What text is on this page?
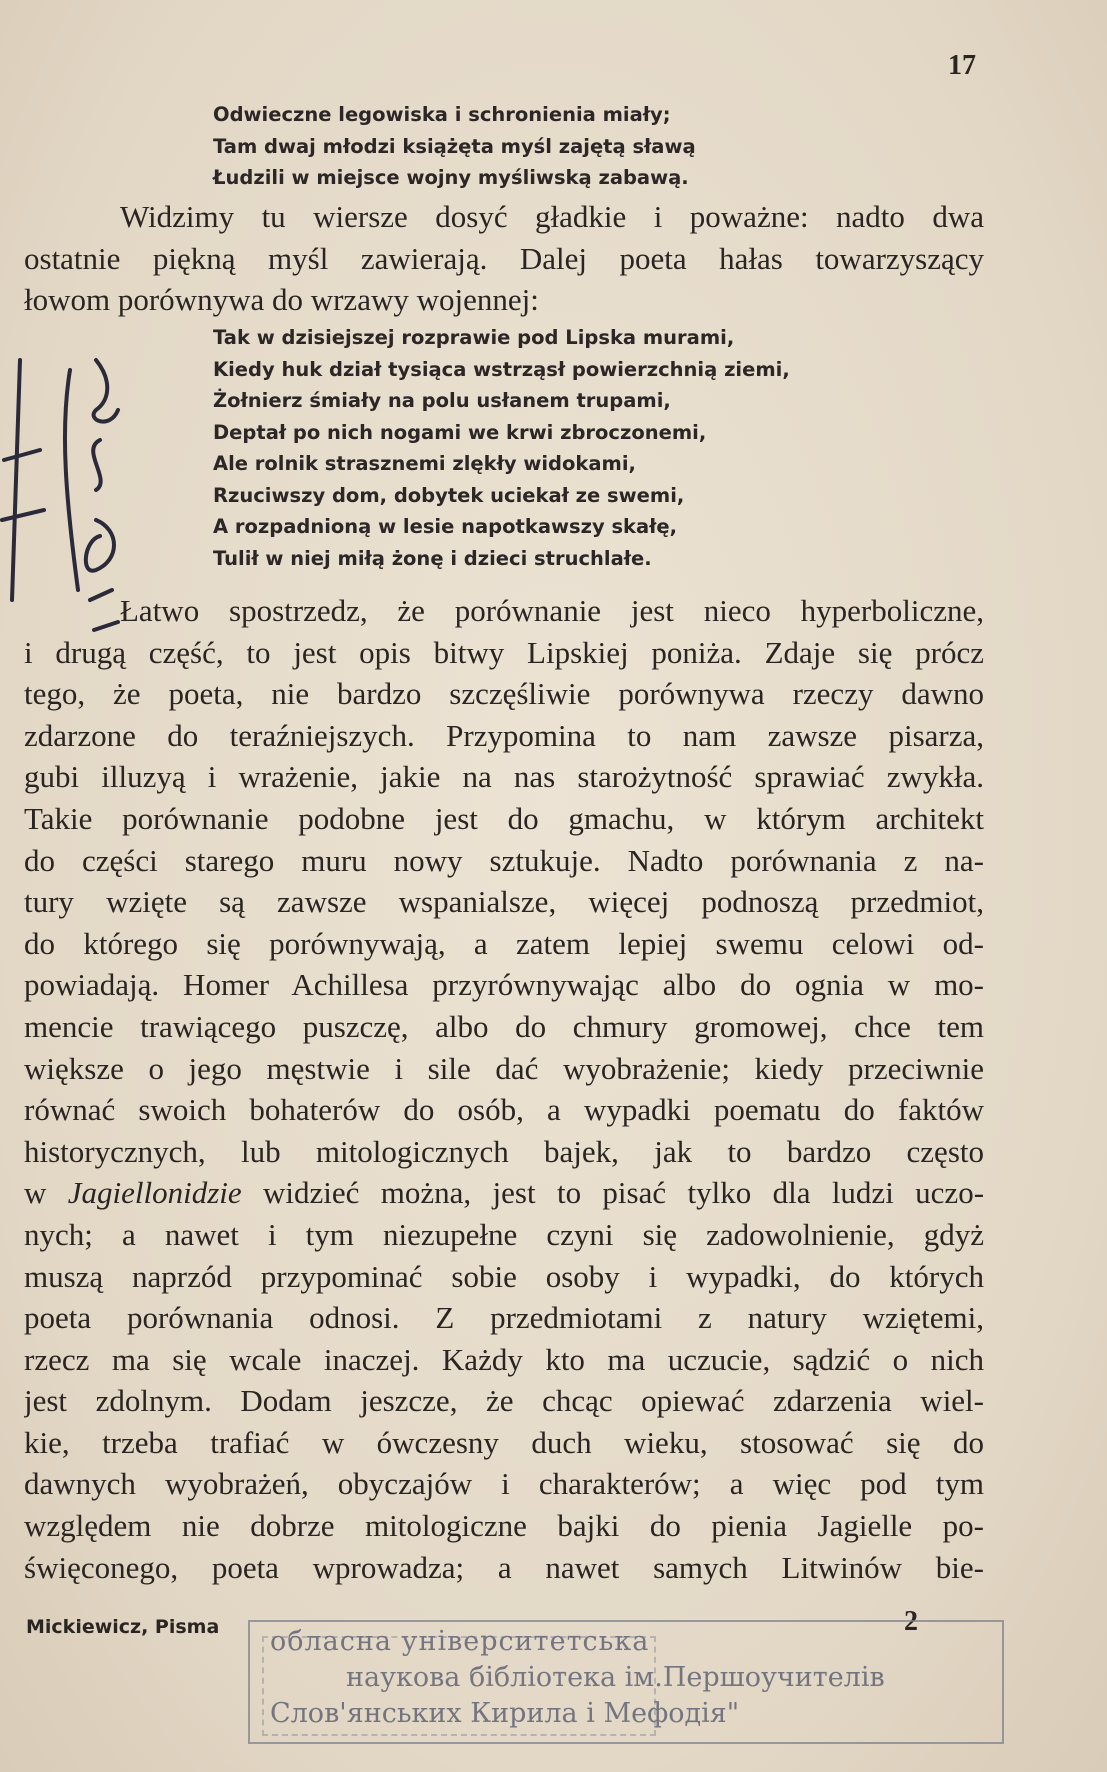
17
Odwieczne legowiska i schronienia miały;
Tam dwaj młodzi książęta myśl zajętą sławą
Łudzili w miejsce wojny myśliwską zabawą.
Widzimy tu wiersze dosyć gładkie i poważne: nadto dwa
ostatnie piękną myśl zawierają. Dalej poeta hałas towarzyszący
łowom porównywa do wrzawy wojennej:
Tak w dzisiejszej rozprawie pod Lipska murami,
Kiedy huk dział tysiąca wstrząsł powierzchnią ziemi,
Żołnierz śmiały na polu usłanem trupami,
Deptał po nich nogami we krwi zbroczonemi,
Ale rolnik strasznemi zlękły widokami,
Rzuciwszy dom, dobytek uciekał ze swemi,
A rozpadnioną w lesie napotkawszy skałę,
Tulił w niej miłą żonę i dzieci struchlałe.
Łatwo spostrzedz, że porównanie jest nieco hyperboliczne,
i drugą część, to jest opis bitwy Lipskiej poniża. Zdaje się prócz
tego, że poeta, nie bardzo szczęśliwie porównywa rzeczy dawno
zdarzone do teraźniejszych. Przypomina to nam zawsze pisarza,
gubi illuzyą i wrażenie, jakie na nas starożytność sprawiać zwykła.
Takie porównanie podobne jest do gmachu, w którym architekt
do części starego muru nowy sztukuje. Nadto porównania z na-
tury wzięte są zawsze wspanialsze, więcej podnoszą przedmiot,
do którego się porównywają, a zatem lepiej swemu celowi od-
powiadają. Homer Achillesa przyrównywając albo do ognia w mo-
mencie trawiącego puszczę, albo do chmury gromowej, chce tem
większe o jego męstwie i sile dać wyobrażenie; kiedy przeciwnie
równać swoich bohaterów do osób, a wypadki poematu do faktów
historycznych, lub mitologicznych bajek, jak to bardzo często
w Jagiellonidzie widzieć można, jest to pisać tylko dla ludzi uczo-
nych; a nawet i tym niezupełne czyni się zadowolnienie, gdyż
muszą naprzód przypominać sobie osoby i wypadki, do których
poeta porównania odnosi. Z przedmiotami z natury wziętemi,
rzecz ma się wcale inaczej. Każdy kto ma uczucie, sądzić o nich
jest zdolnym. Dodam jeszcze, że chcąc opiewać zdarzenia wiel-
kie, trzeba trafiać w ówczesny duch wieku, stosować się do
dawnych wyobrażeń, obyczajów i charakterów; a więc pod tym
względem nie dobrze mitologiczne bajki do pienia Jagielle po-
święconego, poeta wprowadza; a nawet samych Litwinów bie-
Mickiewicz, Pisma	2
обласна університетська
наукова бібліотека ім.Першоучителів
Слов'янських Кирила і Мефодія"
